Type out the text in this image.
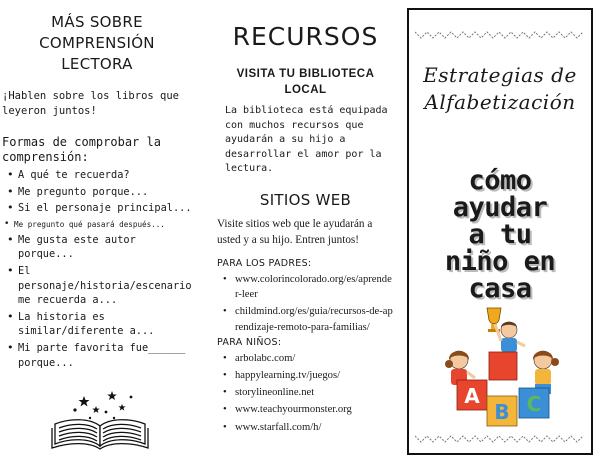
MÁS SOBRE
COMPRENSIÓN
LECTORA

¡Hablen sobre los libros que leyeron juntos!

Formas de comprobar la comprensión:

• A qué te recuerda?
• Me pregunto porque...
• Si el personaje principal...
• Me pregunto qué pasará después...
• Me gusta este autor porque...
• El personaje/historia/escenario me recuerda a...
• La historia es similar/diferente a...
• Mi parte favorita fue______ porque...
RECURSOS
VISITA TU BIBLIOTECA
LOCAL

La biblioteca está equipada con muchos recursos que ayudarán a su hijo a desarrollar el amor por la lectura.

SITIOS WEB

Visite sitios web que le ayudarán a usted y a su hijo. Entren juntos!

PARA LOS PADRES:

• www.colorincolorado.org/es/aprender-leer
• childmind.org/es/guia/recursos-de-aprendizaje-remoto-para-familias/

PARA NIÑOS:

• arbolabc.com/
• happylearning.tv/juegos/
• storylineonline.net
• www.teachyourmonster.org
• www.starfall.com/h/
Estrategias de
Alfabetización
cómo
ayudar
a tu
niño en
casa
A
B C
